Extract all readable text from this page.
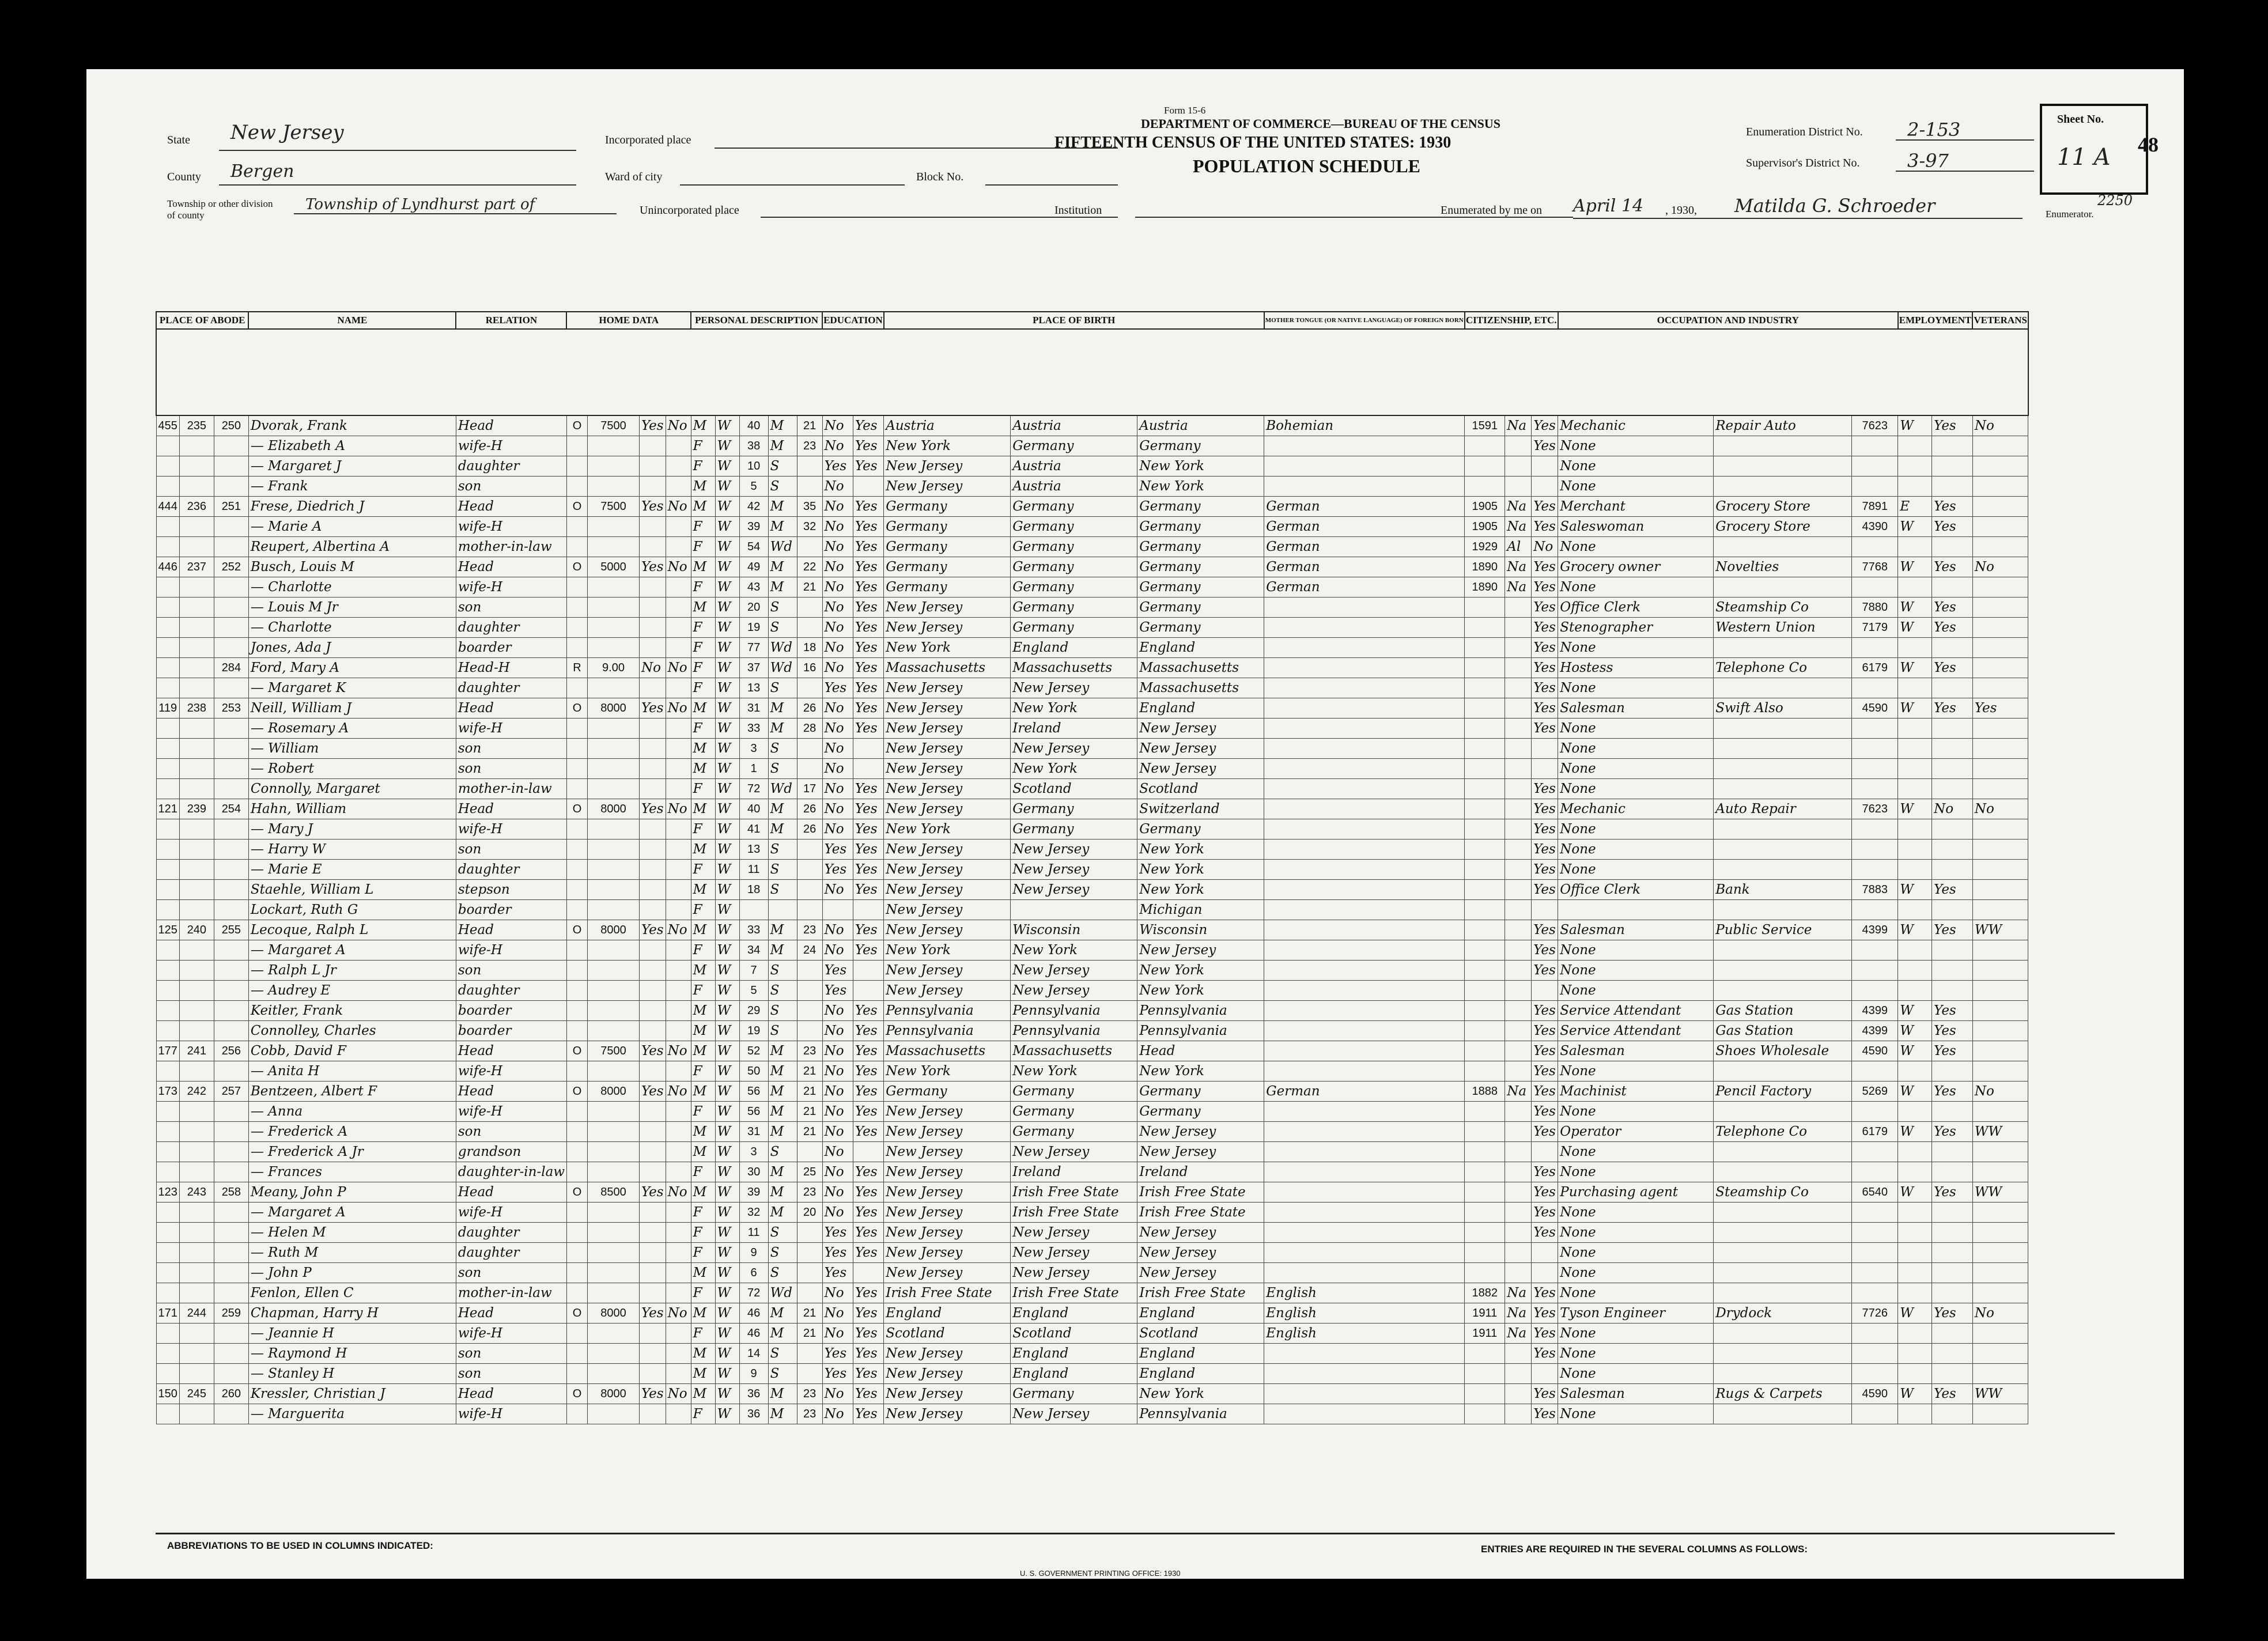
Form 15-6
DEPARTMENT OF COMMERCE—BUREAU OF THE CENSUS
FIFTEENTH CENSUS OF THE UNITED STATES: 1930
POPULATION SCHEDULE
State New Jersey
County Bergen
Township or other division of county
Township of Lyndhurst part of
Incorporated place
Ward of city	Block No.
Unincorporated place	Institution
Enumeration District No. 2-153
Supervisor's District No.	3-97
Sheet No.
11 A 48
Enumerated by me on April 14 , 1930, Matilda G. Schroeder	Enumerator.
2250
PLACE OF ABODE			NAME	RELATION	HOME DATA				PERSONAL DESCRIPTION					EDUCATION		PLACE OF BIRTH			MOTHER TONGUE (OR NATIVE LANGUAGE) OF FOREIGN BORN	CITIZENSHIP, ETC.			OCCUPATION AND INDUSTRY			EMPLOYMENT		VETERANS

455	235	250	Dvorak, Frank	Head	O	7500	Yes	No	M	W	40	M	21	No	Yes	Austria	Austria	Austria	Bohemian	1591	Na	Yes	Mechanic	Repair Auto	7623	W	Yes	No
			— Elizabeth A	wife-H					F	W	38	M	23	No	Yes	New York	Germany	Germany				Yes	None					
			— Margaret J	daughter					F	W	10	S		Yes	Yes	New Jersey	Austria	New York					None					
			— Frank	son					M	W	5	S		No		New Jersey	Austria	New York					None					
444	236	251	Frese, Diedrich J	Head	O	7500	Yes	No	M	W	42	M	35	No	Yes	Germany	Germany	Germany	German	1905	Na	Yes	Merchant	Grocery Store	7891	E	Yes	
			— Marie A	wife-H					F	W	39	M	32	No	Yes	Germany	Germany	Germany	German	1905	Na	Yes	Saleswoman	Grocery Store	4390	W	Yes	
			Reupert, Albertina A	mother-in-law					F	W	54	Wd		No	Yes	Germany	Germany	Germany	German	1929	Al	No	None					
446	237	252	Busch, Louis M	Head	O	5000	Yes	No	M	W	49	M	22	No	Yes	Germany	Germany	Germany	German	1890	Na	Yes	Grocery owner	Novelties	7768	W	Yes	No
			— Charlotte	wife-H					F	W	43	M	21	No	Yes	Germany	Germany	Germany	German	1890	Na	Yes	None					
			— Louis M Jr	son					M	W	20	S		No	Yes	New Jersey	Germany	Germany				Yes	Office Clerk	Steamship Co	7880	W	Yes	
			— Charlotte	daughter					F	W	19	S		No	Yes	New Jersey	Germany	Germany				Yes	Stenographer	Western Union	7179	W	Yes	
			Jones, Ada J	boarder					F	W	77	Wd	18	No	Yes	New York	England	England				Yes	None					
		284	Ford, Mary A	Head-H	R	9.00	No	No	F	W	37	Wd	16	No	Yes	Massachusetts	Massachusetts	Massachusetts				Yes	Hostess	Telephone Co	6179	W	Yes	
			— Margaret K	daughter					F	W	13	S		Yes	Yes	New Jersey	New Jersey	Massachusetts				Yes	None					
119	238	253	Neill, William J	Head	O	8000	Yes	No	M	W	31	M	26	No	Yes	New Jersey	New York	England				Yes	Salesman	Swift Also	4590	W	Yes	Yes
			— Rosemary A	wife-H					F	W	33	M	28	No	Yes	New Jersey	Ireland	New Jersey				Yes	None					
			— William	son					M	W	3	S		No		New Jersey	New Jersey	New Jersey					None					
			— Robert	son					M	W	1	S		No		New Jersey	New York	New Jersey					None					
			Connolly, Margaret	mother-in-law					F	W	72	Wd	17	No	Yes	New Jersey	Scotland	Scotland				Yes	None					
121	239	254	Hahn, William	Head	O	8000	Yes	No	M	W	40	M	26	No	Yes	New Jersey	Germany	Switzerland				Yes	Mechanic	Auto Repair	7623	W	No	No
			— Mary J	wife-H					F	W	41	M	26	No	Yes	New York	Germany	Germany				Yes	None					
			— Harry W	son					M	W	13	S		Yes	Yes	New Jersey	New Jersey	New York				Yes	None					
			— Marie E	daughter					F	W	11	S		Yes	Yes	New Jersey	New Jersey	New York				Yes	None					
			Staehle, William L	stepson					M	W	18	S		No	Yes	New Jersey	New Jersey	New York				Yes	Office Clerk	Bank	7883	W	Yes	
			Lockart, Ruth G	boarder					F	W						New Jersey		Michigan										
125	240	255	Lecoque, Ralph L	Head	O	8000	Yes	No	M	W	33	M	23	No	Yes	New Jersey	Wisconsin	Wisconsin				Yes	Salesman	Public Service	4399	W	Yes	WW
			— Margaret A	wife-H					F	W	34	M	24	No	Yes	New York	New York	New Jersey				Yes	None					
			— Ralph L Jr	son					M	W	7	S		Yes		New Jersey	New Jersey	New York				Yes	None					
			— Audrey E	daughter					F	W	5	S		Yes		New Jersey	New Jersey	New York					None					
			Keitler, Frank	boarder					M	W	29	S		No	Yes	Pennsylvania	Pennsylvania	Pennsylvania				Yes	Service Attendant	Gas Station	4399	W	Yes	
			Connolley, Charles	boarder					M	W	19	S		No	Yes	Pennsylvania	Pennsylvania	Pennsylvania				Yes	Service Attendant	Gas Station	4399	W	Yes	
177	241	256	Cobb, David F	Head	O	7500	Yes	No	M	W	52	M	23	No	Yes	Massachusetts	Massachusetts	Head				Yes	Salesman	Shoes Wholesale	4590	W	Yes	
			— Anita H	wife-H					F	W	50	M	21	No	Yes	New York	New York	New York				Yes	None					
173	242	257	Bentzeen, Albert F	Head	O	8000	Yes	No	M	W	56	M	21	No	Yes	Germany	Germany	Germany	German	1888	Na	Yes	Machinist	Pencil Factory	5269	W	Yes	No
			— Anna	wife-H					F	W	56	M	21	No	Yes	New Jersey	Germany	Germany				Yes	None					
			— Frederick A	son					M	W	31	M	21	No	Yes	New Jersey	Germany	New Jersey				Yes	Operator	Telephone Co	6179	W	Yes	WW
			— Frederick A Jr	grandson					M	W	3	S		No		New Jersey	New Jersey	New Jersey					None					
			— Frances	daughter-in-law					F	W	30	M	25	No	Yes	New Jersey	Ireland	Ireland				Yes	None					
123	243	258	Meany, John P	Head	O	8500	Yes	No	M	W	39	M	23	No	Yes	New Jersey	Irish Free State	Irish Free State				Yes	Purchasing agent	Steamship Co	6540	W	Yes	WW
			— Margaret A	wife-H					F	W	32	M	20	No	Yes	New Jersey	Irish Free State	Irish Free State				Yes	None					
			— Helen M	daughter					F	W	11	S		Yes	Yes	New Jersey	New Jersey	New Jersey				Yes	None					
			— Ruth M	daughter					F	W	9	S		Yes	Yes	New Jersey	New Jersey	New Jersey					None					
			— John P	son					M	W	6	S		Yes		New Jersey	New Jersey	New Jersey					None					
			Fenlon, Ellen C	mother-in-law					F	W	72	Wd		No	Yes	Irish Free State	Irish Free State	Irish Free State	English	1882	Na	Yes	None					
171	244	259	Chapman, Harry H	Head	O	8000	Yes	No	M	W	46	M	21	No	Yes	England	England	England	English	1911	Na	Yes	Tyson Engineer	Drydock	7726	W	Yes	No
			— Jeannie H	wife-H					F	W	46	M	21	No	Yes	Scotland	Scotland	Scotland	English	1911	Na	Yes	None					
			— Raymond H	son					M	W	14	S		Yes	Yes	New Jersey	England	England				Yes	None					
			— Stanley H	son					M	W	9	S		Yes	Yes	New Jersey	England	England					None					
150	245	260	Kressler, Christian J	Head	O	8000	Yes	No	M	W	36	M	23	No	Yes	New Jersey	Germany	New York				Yes	Salesman	Rugs & Carpets	4590	W	Yes	WW
			— Marguerita	wife-H					F	W	36	M	23	No	Yes	New Jersey	New Jersey	Pennsylvania				Yes	None					
ABBREVIATIONS TO BE USED IN COLUMNS INDICATED:	ENTRIES ARE REQUIRED IN THE SEVERAL COLUMNS AS FOLLOWS:
U. S. GOVERNMENT PRINTING OFFICE: 1930
